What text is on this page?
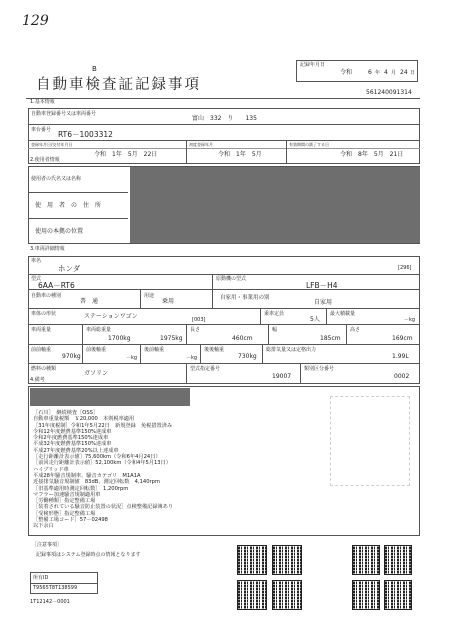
129
B
自動車検査証記録事項
記録年月日
令和	6 年 4 月 24 日
561240091314
1.基本情報
自動車登録番号又は車両番号
富山　332　り　　135
車台番号 RT6－1003312
登録年月日/交付年月日
令和　1年　5月　22日
初度登録年月
令和　1年　5月
有効期間の満了する日
令和　8年　5月　21日
2.使用者情報
使用者の氏名又は名称
使　用　者　の　住　所
使用の本拠の位置
3.車両詳細情報
車名
ホンダ	[296]
型式
6AA－RT6
原動機の型式
LFB－H4
自動車の種別
普　通
用途
乗用	自家用・事業用の別
自家用
車体の形状	ステーションワゴン	[003]
乗車定員
5人
最大積載量
－kg
車両重量
1700kg
車両総重量
1975kg
長さ
460cm
幅
185cm
高さ
169cm
前前軸重
970kg
前後軸重
－kg
後前軸重
－kg
後後軸重
730kg
総排気量又は定格出力
1.99L
燃料の種類
ガソリン
型式指定番号
19007
類別区分番号
0002
4.備考
［石川］　継続検査［OSS］
自動車重量税額　￥20,000　本則税率適用
［31年度税制］令和1年5月22日　新規登録　免税措置済み
令和12年度燃費基準150%達成車
令和2年度燃費基準150%達成車
平成32年度燃費基準150%達成車
平成27年度燃費基準20%以上達成車
［走行距離計表示値］75,600km（令和6年4月24日）
［前回走行距離計表示値］52,100km（令和4年5月13日）
ハイブリッド車
平成28年騒音規制車、騒音カテゴリ　M1A1A
近接排気騒音規制値　83dB、測定回転数　4,140rpm
［旧基準適用時測定回転数］　1,200rpm
マフラー加速騒音規制適用車
［労働種類］指定整備工場
［装着されている騒音防止装置の状況］点検整備記録簿あり
［受検形態］指定整備工場
［整備工場コード］57－02498
以下余白
［注意事項］
記録事項はシステム登録時点の情報となります
所有ID
T9565T8T138599
1T12142－0001
